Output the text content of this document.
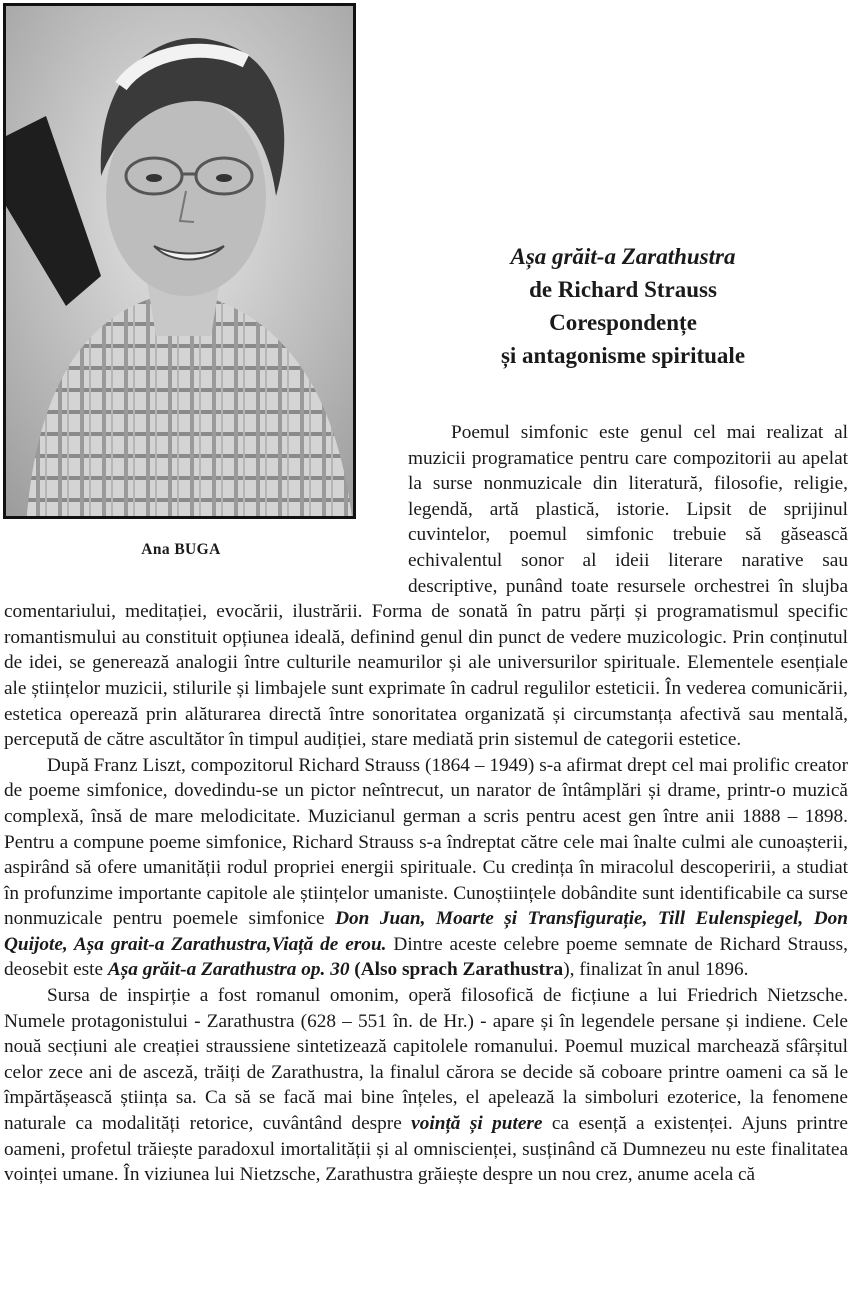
Ana BUGA
Așa grăit-a Zarathustra
de Richard Strauss
Corespondențe
și antagonisme spirituale

Poemul simfonic este genul cel mai realizat al muzicii programatice pentru care compozitorii au apelat la surse nonmuzicale din literatură, filosofie, religie, legendă, artă plastică, istorie. Lipsit de sprijinul cuvintelor, poemul simfonic trebuie să găsească echivalentul sonor al ideii literare narative sau descriptive, punând toate resursele orchestrei în slujba comentariului, meditației, evocării, ilustrării. Forma de sonată în patru părți și programatismul specific romantismului au constituit opțiunea ideală, definind genul din punct de vedere muzicologic. Prin conținutul de idei, se generează analogii între culturile neamurilor și ale universurilor spirituale. Elementele esențiale ale științelor muzicii, stilurile și limbajele sunt exprimate în cadrul regulilor esteticii. În vederea comunicării, estetica operează prin alăturarea directă între sonoritatea organizată și circumstanța afectivă sau mentală, percepută de către ascultător în timpul audiției, stare mediată prin sistemul de categorii estetice.

După Franz Liszt, compozitorul Richard Strauss (1864 – 1949) s-a afirmat drept cel mai prolific creator de poeme simfonice, dovedindu-se un pictor neîntrecut, un narator de întâmplări și drame, printr-o muzică complexă, însă de mare melodicitate. Muzicianul german a scris pentru acest gen între anii 1888 – 1898. Pentru a compune poeme simfonice, Richard Strauss s-a îndreptat către cele mai înalte culmi ale cunoașterii, aspirând să ofere umanității rodul propriei energii spirituale. Cu credința în miracolul descoperirii, a studiat în profunzime importante capitole ale științelor umaniste. Cunoștiințele dobândite sunt identificabile ca surse nonmuzicale pentru poemele simfonice Don Juan, Moarte și Transfigurație, Till Eulenspiegel, Don Quijote, Așa grait-a Zarathustra,Viață de erou. Dintre aceste celebre poeme semnate de Richard Strauss, deosebit este Așa grăit-a Zarathustra op. 30 (Also sprach Zarathustra), finalizat în anul 1896.

Sursa de inspirție a fost romanul omonim, operă filosofică de ficțiune a lui Friedrich Nietzsche. Numele protagonistului - Zarathustra (628 – 551 în. de Hr.) - apare și în legendele persane și indiene. Cele nouă secțiuni ale creației straussiene sintetizează capitolele romanului. Poemul muzical marchează sfârșitul celor zece ani de asceză, trăiți de Zarathustra, la finalul cărora se decide să coboare printre oameni ca să le împărtășească știința sa. Ca să se facă mai bine înțeles, el apelează la simboluri ezoterice, la fenomene naturale ca modalități retorice, cuvântând despre voință și putere ca esență a existenței. Ajuns printre oameni, profetul trăiește paradoxul imortalității și al omniscienței, susținând că Dumnezeu nu este finalitatea voinței umane. În viziunea lui Nietzsche, Zarathustra grăiește despre un nou crez, anume acela că
